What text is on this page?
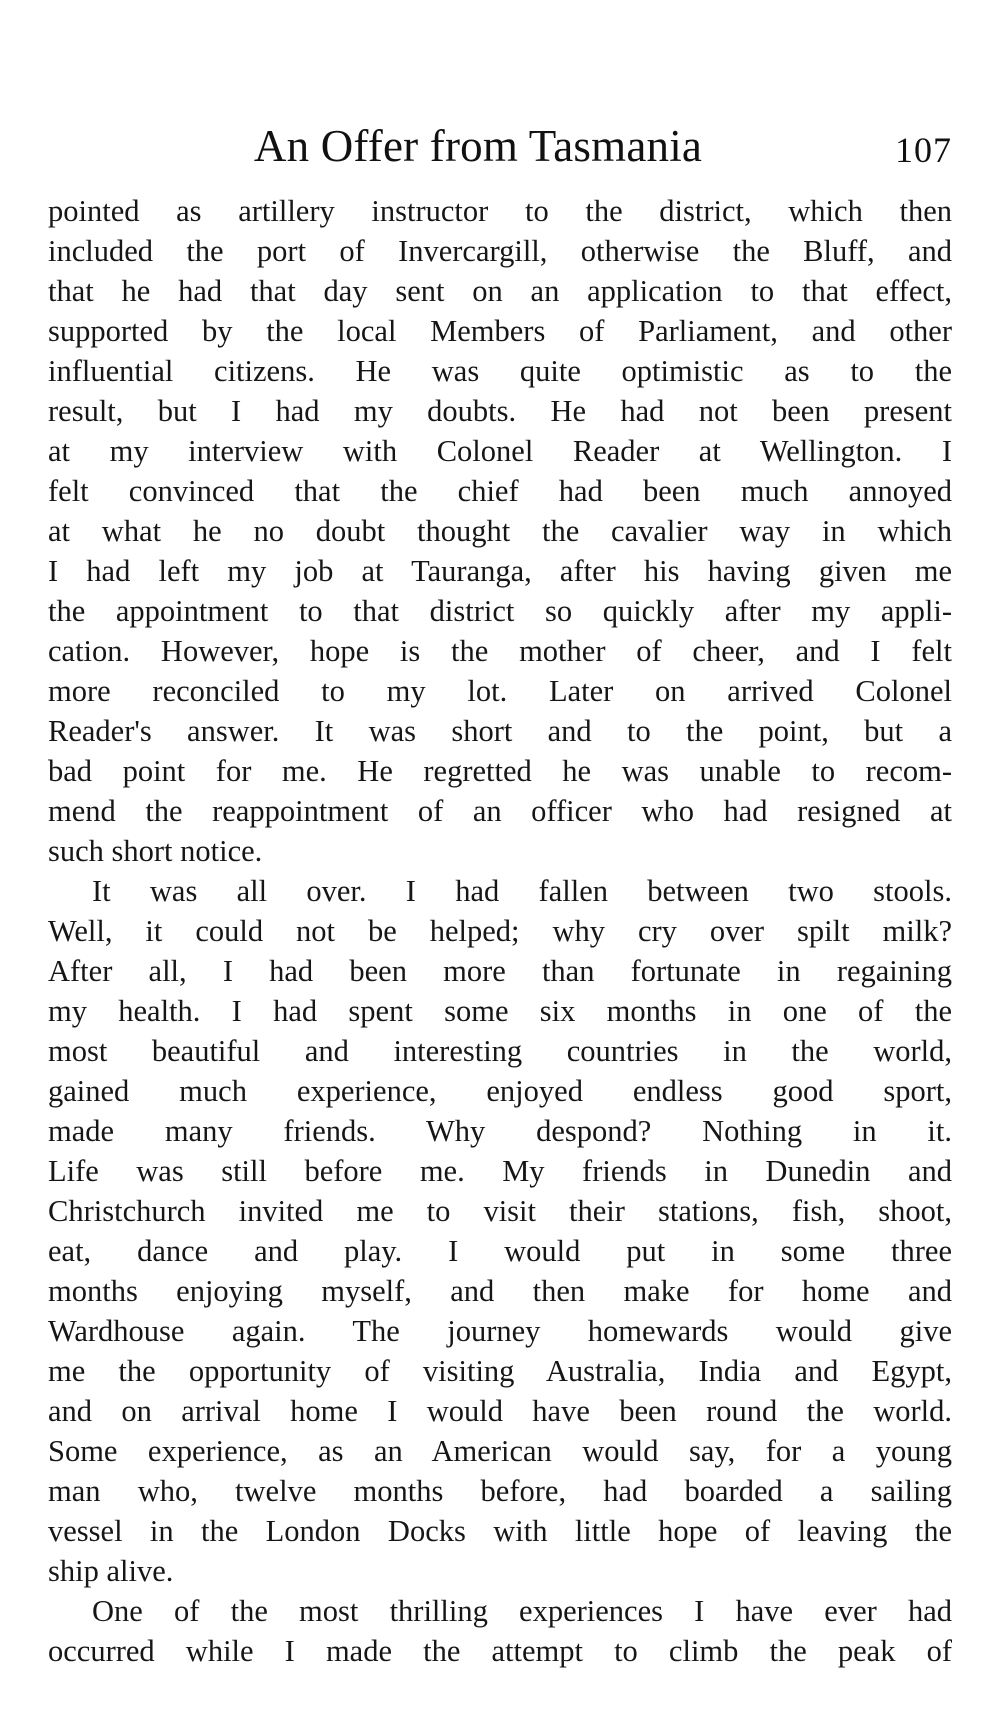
An Offer from Tasmania	107
pointed as artillery instructor to the district, which then
included the port of Invercargill, otherwise the Bluff, and
that he had that day sent on an application to that effect,
supported by the local Members of Parliament, and other
influential citizens. He was quite optimistic as to the
result, but I had my doubts. He had not been present
at my interview with Colonel Reader at Wellington. I
felt convinced that the chief had been much annoyed
at what he no doubt thought the cavalier way in which
I had left my job at Tauranga, after his having given me
the appointment to that district so quickly after my appli-
cation. However, hope is the mother of cheer, and I felt
more reconciled to my lot. Later on arrived Colonel
Reader's answer. It was short and to the point, but a
bad point for me. He regretted he was unable to recom-
mend the reappointment of an officer who had resigned at
such short notice.
It was all over. I had fallen between two stools.
Well, it could not be helped; why cry over spilt milk?
After all, I had been more than fortunate in regaining
my health. I had spent some six months in one of the
most beautiful and interesting countries in the world,
gained much experience, enjoyed endless good sport,
made many friends. Why despond? Nothing in it.
Life was still before me. My friends in Dunedin and
Christchurch invited me to visit their stations, fish, shoot,
eat, dance and play. I would put in some three
months enjoying myself, and then make for home and
Wardhouse again. The journey homewards would give
me the opportunity of visiting Australia, India and Egypt,
and on arrival home I would have been round the world.
Some experience, as an American would say, for a young
man who, twelve months before, had boarded a sailing
vessel in the London Docks with little hope of leaving the
ship alive.
One of the most thrilling experiences I have ever had
occurred while I made the attempt to climb the peak of
